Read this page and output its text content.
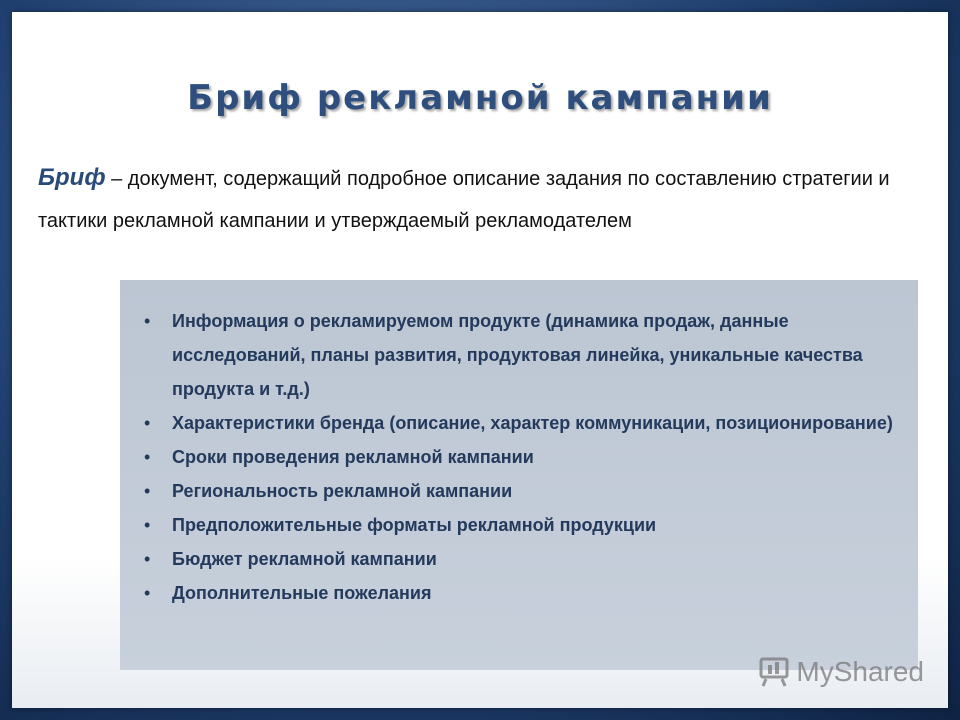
Бриф рекламной кампании
Бриф – документ, содержащий подробное описание задания по составлению стратегии и тактики рекламной кампании и утверждаемый рекламодателем
•	Информация о рекламируемом продукте (динамика продаж, данные исследований, планы развития, продуктовая линейка, уникальные качества продукта и т.д.)
•	Характеристики бренда (описание, характер коммуникации, позиционирование)
•	Сроки проведения рекламной кампании
•	Региональность рекламной кампании
•	Предположительные форматы рекламной продукции
•	Бюджет рекламной кампании
•	Дополнительные пожелания
MyShared
